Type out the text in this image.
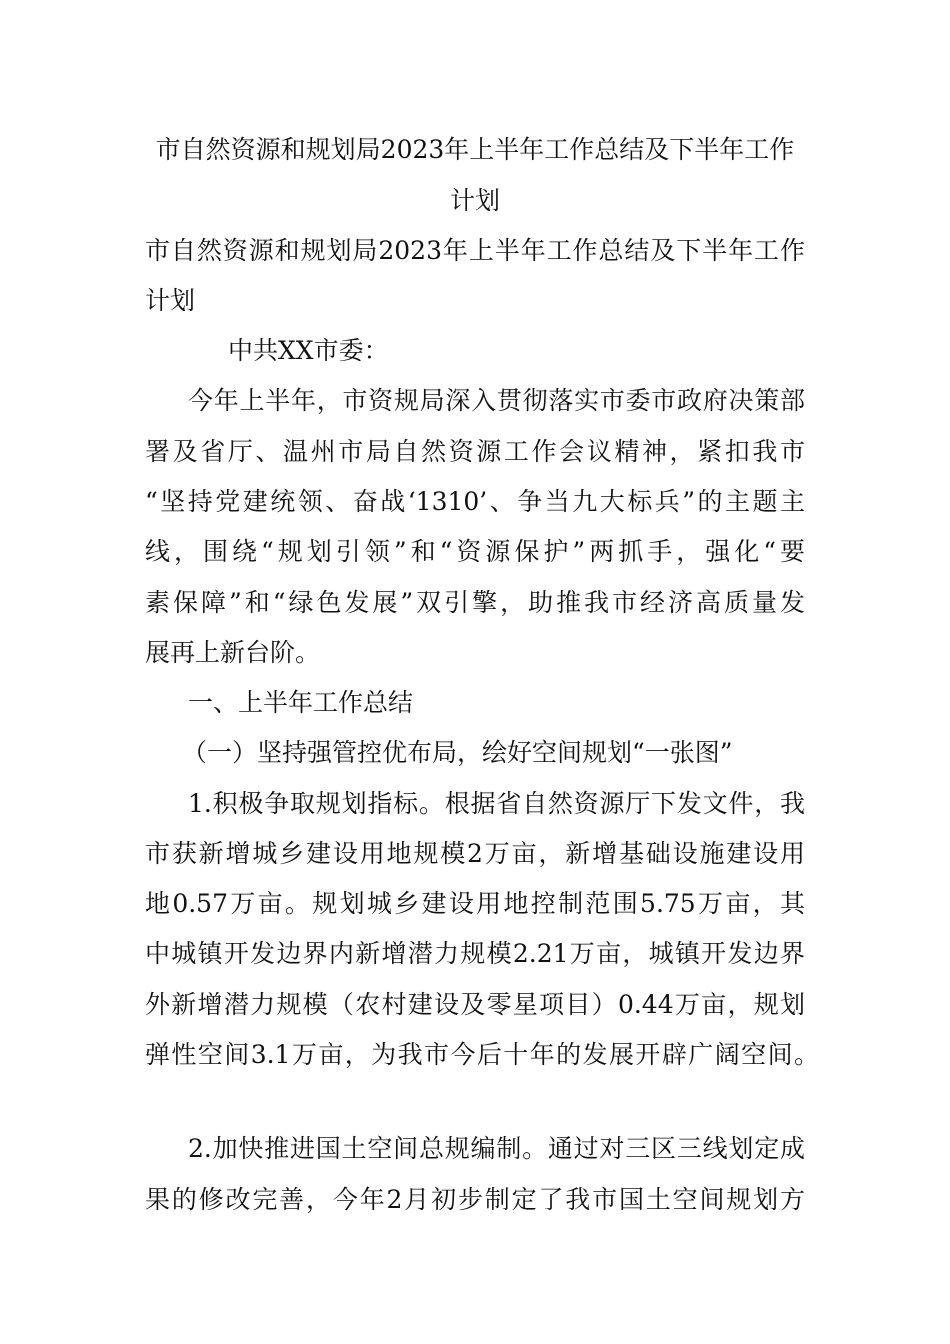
市自然资源和规划局2023年上半年工作总结及下半年工作
计划
市自然资源和规划局2023年上半年工作总结及下半年工作
计划
中共XX市委：
今年上半年，市资规局深入贯彻落实市委市政府决策部
署及省厅、温州市局自然资源工作会议精神，紧扣我市
“坚持党建统领、奋战‘1310’、争当九大标兵”的主题主
线，围绕“规划引领”和“资源保护”两抓手，强化“要
素保障”和“绿色发展”双引擎，助推我市经济高质量发
展再上新台阶。
一、上半年工作总结
（一）坚持强管控优布局，绘好空间规划“一张图”
1.积极争取规划指标。根据省自然资源厅下发文件，我
市获新增城乡建设用地规模2万亩，新增基础设施建设用
地0.57万亩。规划城乡建设用地控制范围5.75万亩，其
中城镇开发边界内新增潜力规模2.21万亩，城镇开发边界
外新增潜力规模（农村建设及零星项目）0.44万亩，规划
弹性空间3.1万亩，为我市今后十年的发展开辟广阔空间。
2.加快推进国土空间总规编制。通过对三区三线划定成
果的修改完善，今年2月初步制定了我市国土空间规划方
